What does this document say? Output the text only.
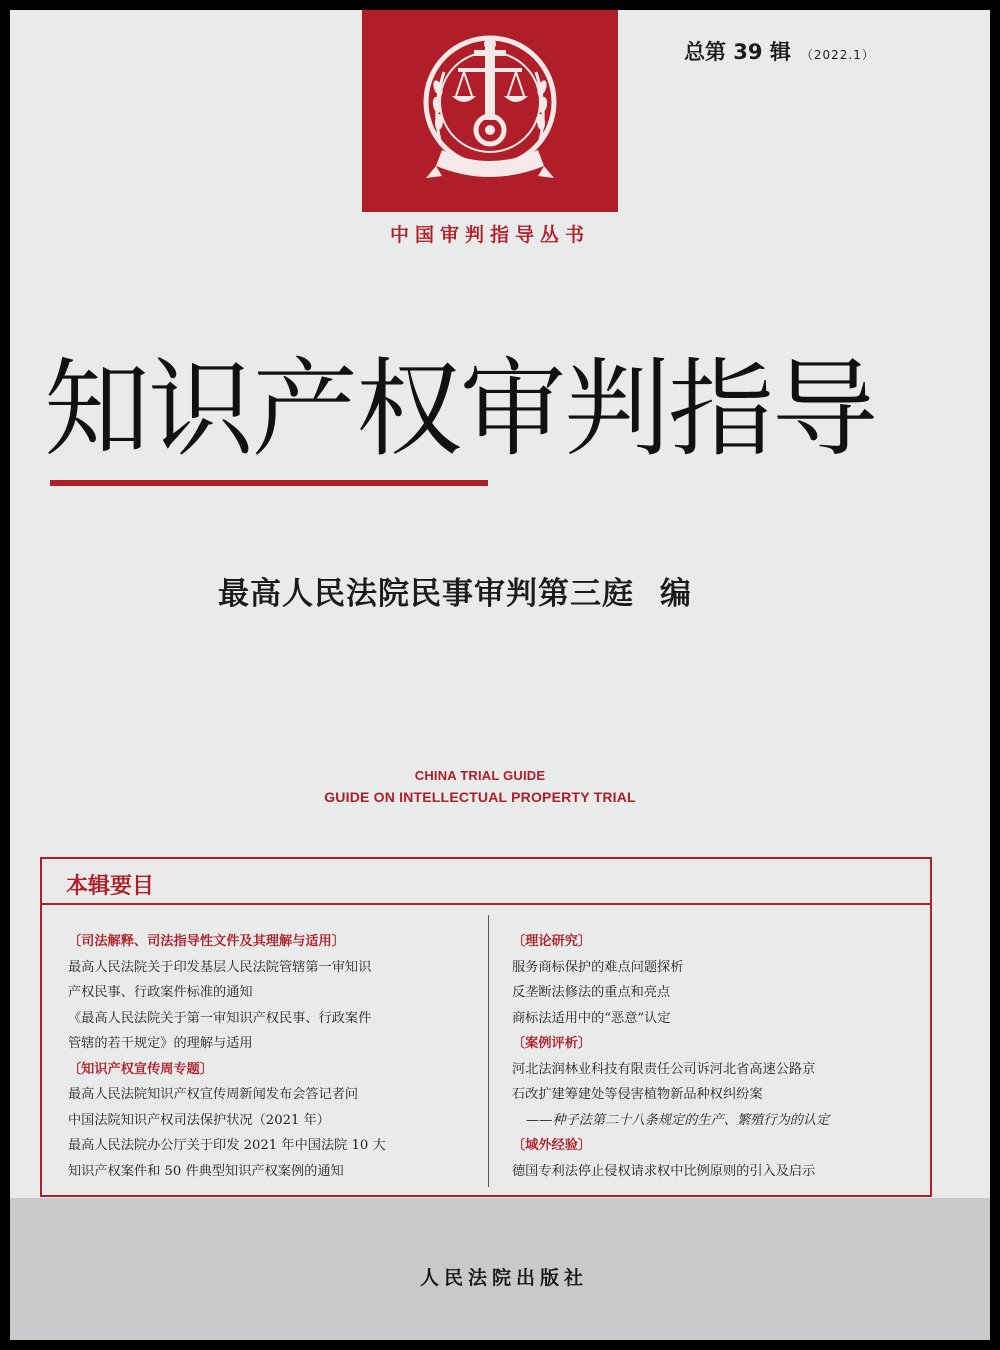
总第 39 辑 （2022.1）
中国审判指导丛书
知识产权审判指导
最高人民法院民事审判第三庭 编
CHINA TRIAL GUIDE
GUIDE ON INTELLECTUAL PROPERTY TRIAL
本辑要目
〔司法解释、司法指导性文件及其理解与适用〕
最高人民法院关于印发基层人民法院管辖第一审知识
产权民事、行政案件标准的通知
《最高人民法院关于第一审知识产权民事、行政案件
管辖的若干规定》的理解与适用
〔知识产权宣传周专题〕
最高人民法院知识产权宣传周新闻发布会答记者问
中国法院知识产权司法保护状况（2021 年）
最高人民法院办公厅关于印发 2021 年中国法院 10 大
知识产权案件和 50 件典型知识产权案例的通知
〔理论研究〕
服务商标保护的难点问题探析
反垄断法修法的重点和亮点
商标法适用中的“恶意”认定
〔案例评析〕
河北法润林业科技有限责任公司诉河北省高速公路京
石改扩建筹建处等侵害植物新品种权纠纷案
——种子法第二十八条规定的生产、繁殖行为的认定
〔域外经验〕
德国专利法停止侵权请求权中比例原则的引入及启示
人民法院出版社
